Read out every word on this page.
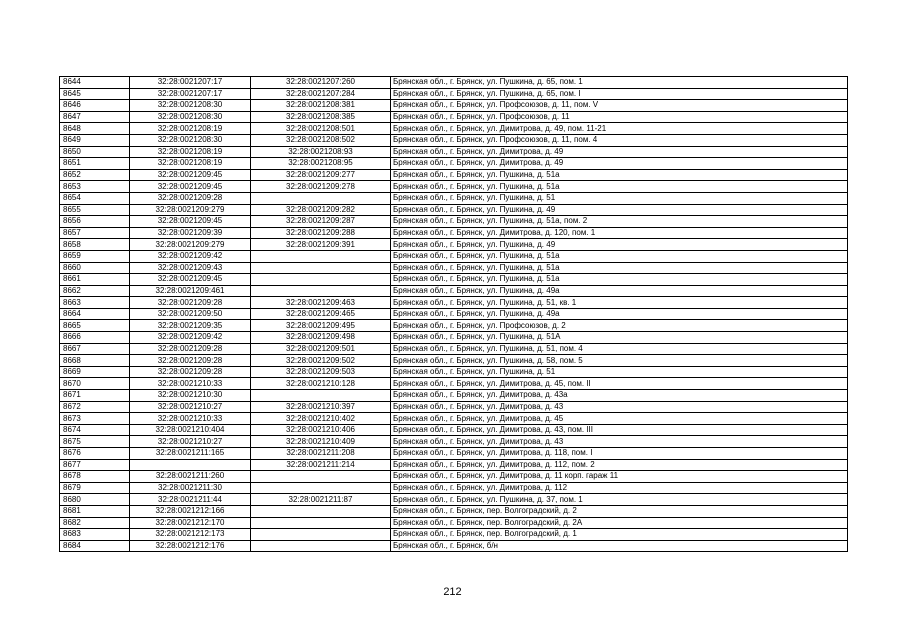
8644	32:28:0021207:17	32:28:0021207:260	Брянская обл., г. Брянск, ул. Пушкина, д. 65, пом. 1
8645	32:28:0021207:17	32:28:0021207:284	Брянская обл., г. Брянск, ул. Пушкина, д. 65, пом. I
8646	32:28:0021208:30	32:28:0021208:381	Брянская обл., г. Брянск, ул. Профсоюзов, д. 11, пом. V
8647	32:28:0021208:30	32:28:0021208:385	Брянская обл., г. Брянск, ул. Профсоюзов, д. 11
8648	32:28:0021208:19	32:28:0021208:501	Брянская обл., г. Брянск, ул. Димитрова, д. 49, пом. 11-21
8649	32:28:0021208:30	32:28:0021208:502	Брянская обл., г. Брянск, ул. Профсоюзов, д. 11, пом. 4
8650	32:28:0021208:19	32:28:0021208:93	Брянская обл., г. Брянск, ул. Димитрова, д. 49
8651	32:28:0021208:19	32:28:0021208:95	Брянская обл., г. Брянск, ул. Димитрова, д. 49
8652	32:28:0021209:45	32:28:0021209:277	Брянская обл., г. Брянск, ул. Пушкина, д. 51а
8653	32:28:0021209:45	32:28:0021209:278	Брянская обл., г. Брянск, ул. Пушкина, д. 51а
8654	32:28:0021209:28		Брянская обл., г. Брянск, ул. Пушкина, д. 51
8655	32:28:0021209:279	32:28:0021209:282	Брянская обл., г. Брянск, ул. Пушкина, д. 49
8656	32:28:0021209:45	32:28:0021209:287	Брянская обл., г. Брянск, ул. Пушкина, д. 51а, пом. 2
8657	32:28:0021209:39	32:28:0021209:288	Брянская обл., г. Брянск, ул. Димитрова, д. 120, пом. 1
8658	32:28:0021209:279	32:28:0021209:391	Брянская обл., г. Брянск, ул. Пушкина, д. 49
8659	32:28:0021209:42		Брянская обл., г. Брянск, ул. Пушкина, д. 51а
8660	32:28:0021209:43		Брянская обл., г. Брянск, ул. Пушкина, д. 51а
8661	32:28:0021209:45		Брянская обл., г. Брянск, ул. Пушкина, д. 51а
8662	32:28:0021209:461		Брянская обл., г. Брянск, ул. Пушкина, д. 49а
8663	32:28:0021209:28	32:28:0021209:463	Брянская обл., г. Брянск, ул. Пушкина, д. 51, кв. 1
8664	32:28:0021209:50	32:28:0021209:465	Брянская обл., г. Брянск, ул. Пушкина, д. 49а
8665	32:28:0021209:35	32:28:0021209:495	Брянская обл., г. Брянск, ул. Профсоюзов, д. 2
8666	32:28:0021209:42	32:28:0021209:498	Брянская обл., г. Брянск, ул. Пушкина, д. 51А
8667	32:28:0021209:28	32:28:0021209:501	Брянская обл., г. Брянск, ул. Пушкина, д. 51, пом. 4
8668	32:28:0021209:28	32:28:0021209:502	Брянская обл., г. Брянск, ул. Пушкина, д. 58, пом. 5
8669	32:28:0021209:28	32:28:0021209:503	Брянская обл., г. Брянск, ул. Пушкина, д. 51
8670	32:28:0021210:33	32:28:0021210:128	Брянская обл., г. Брянск, ул. Димитрова, д. 45, пом. II
8671	32:28:0021210:30		Брянская обл., г. Брянск, ул. Димитрова, д. 43а
8672	32:28:0021210:27	32:28:0021210:397	Брянская обл., г. Брянск, ул. Димитрова, д. 43
8673	32:28:0021210:33	32:28:0021210:402	Брянская обл., г. Брянск, ул. Димитрова, д. 45
8674	32:28:0021210:404	32:28:0021210:406	Брянская обл., г. Брянск, ул. Димитрова, д. 43, пом. III
8675	32:28:0021210:27	32:28:0021210:409	Брянская обл., г. Брянск, ул. Димитрова, д. 43
8676	32:28:0021211:165	32:28:0021211:208	Брянская обл., г. Брянск, ул. Димитрова, д. 118, пом. I
8677		32:28:0021211:214	Брянская обл., г. Брянск, ул. Димитрова, д. 112, пом. 2
8678	32:28:0021211:260		Брянская обл., г. Брянск, ул. Димитрова, д. 11 корп. гараж 11
8679	32:28:0021211:30		Брянская обл., г. Брянск, ул. Димитрова, д. 112
8680	32:28:0021211:44	32:28:0021211:87	Брянская обл., г. Брянск, ул. Пушкина, д. 37, пом. 1
8681	32:28:0021212:166		Брянская обл., г. Брянск, пер. Волгоградский, д. 2
8682	32:28:0021212:170		Брянская обл., г. Брянск, пер. Волгоградский, д. 2А
8683	32:28:0021212:173		Брянская обл., г. Брянск, пер. Волгоградский, д. 1
8684	32:28:0021212:176		Брянская обл., г. Брянск, б/н
212
